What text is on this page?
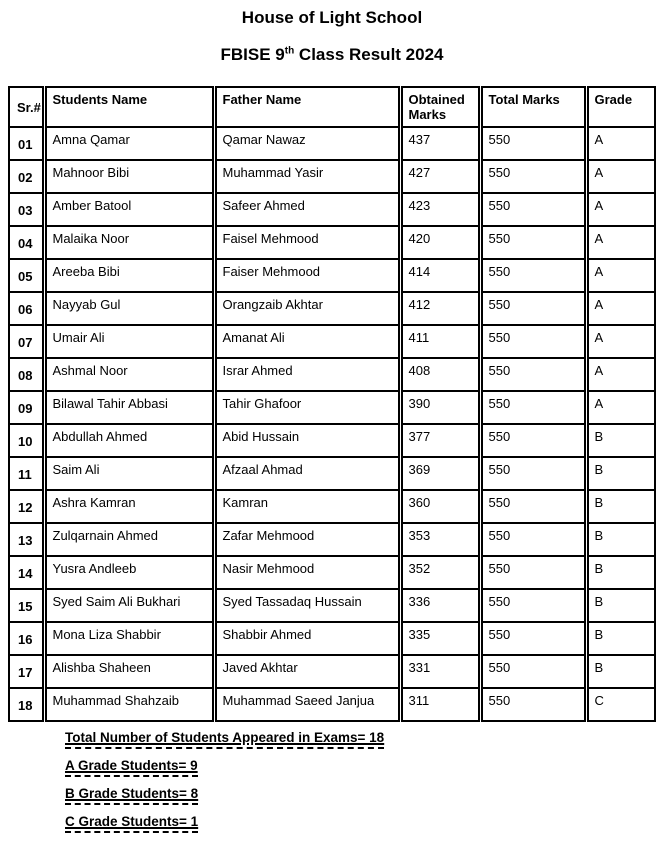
House of Light School
FBISE 9th Class Result 2024
Sr.#	Students Name	Father Name	Obtained Marks	Total Marks	Grade
01	Amna Qamar	Qamar Nawaz	437	550	A
02	Mahnoor Bibi	Muhammad Yasir	427	550	A
03	Amber Batool	Safeer Ahmed	423	550	A
04	Malaika Noor	Faisel Mehmood	420	550	A
05	Areeba Bibi	Faiser Mehmood	414	550	A
06	Nayyab Gul	Orangzaib Akhtar	412	550	A
07	Umair Ali	Amanat Ali	411	550	A
08	Ashmal Noor	Israr Ahmed	408	550	A
09	Bilawal Tahir Abbasi	Tahir Ghafoor	390	550	A
10	Abdullah Ahmed	Abid Hussain	377	550	B
11	Saim Ali	Afzaal Ahmad	369	550	B
12	Ashra Kamran	Kamran	360	550	B
13	Zulqarnain Ahmed	Zafar Mehmood	353	550	B
14	Yusra Andleeb	Nasir Mehmood	352	550	B
15	Syed Saim Ali Bukhari	Syed Tassadaq Hussain	336	550	B
16	Mona Liza Shabbir	Shabbir Ahmed	335	550	B
17	Alishba Shaheen	Javed Akhtar	331	550	B
18	Muhammad Shahzaib	Muhammad Saeed Janjua	311	550	C
Total Number of Students Appeared in Exams= 18
A Grade Students= 9
B Grade Students= 8
C Grade Students= 1
